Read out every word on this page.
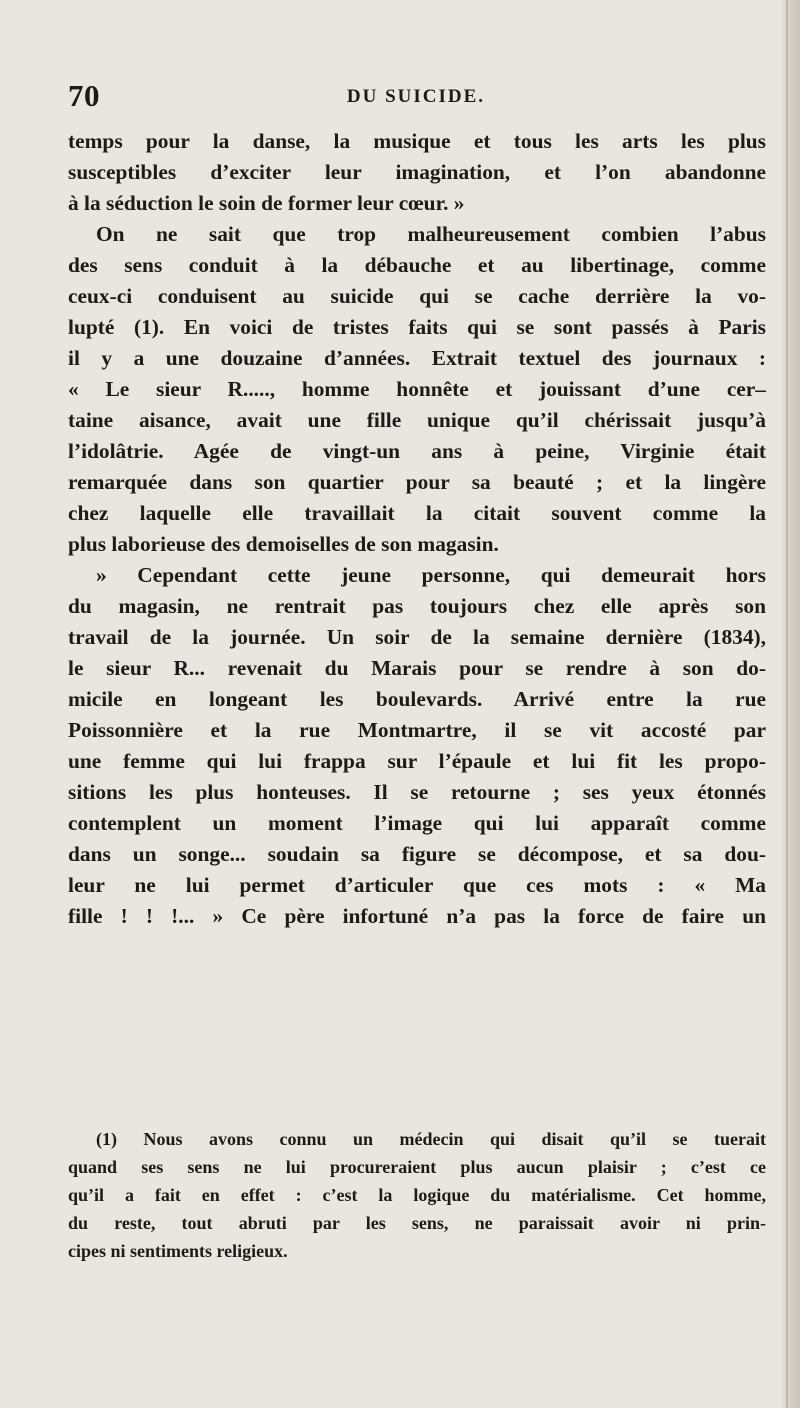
70	DU SUICIDE.
temps pour la danse, la musique et tous les arts les plus
susceptibles d’exciter leur imagination, et l’on abandonne
à la séduction le soin de former leur cœur. »
On ne sait que trop malheureusement combien l’abus
des sens conduit à la débauche et au libertinage, comme
ceux-ci conduisent au suicide qui se cache derrière la vo-
lupté (1). En voici de tristes faits qui se sont passés à Paris
il y a une douzaine d’années. Extrait textuel des journaux :
« Le sieur R....., homme honnête et jouissant d’une cer–
taine aisance, avait une fille unique qu’il chérissait jusqu’à
l’idolâtrie. Agée de vingt-un ans à peine, Virginie était
remarquée dans son quartier pour sa beauté ; et la lingère
chez laquelle elle travaillait la citait souvent comme la
plus laborieuse des demoiselles de son magasin.
» Cependant cette jeune personne, qui demeurait hors
du magasin, ne rentrait pas toujours chez elle après son
travail de la journée. Un soir de la semaine dernière (1834),
le sieur R... revenait du Marais pour se rendre à son do-
micile en longeant les boulevards. Arrivé entre la rue
Poissonnière et la rue Montmartre, il se vit accosté par
une femme qui lui frappa sur l’épaule et lui fit les propo-
sitions les plus honteuses. Il se retourne ; ses yeux étonnés
contemplent un moment l’image qui lui apparaît comme
dans un songe... soudain sa figure se décompose, et sa dou-
leur ne lui permet d’articuler que ces mots : « Ma
fille ! ! !... » Ce père infortuné n’a pas la force de faire un
(1) Nous avons connu un médecin qui disait qu’il se tuerait
quand ses sens ne lui procureraient plus aucun plaisir ; c’est ce
qu’il a fait en effet : c’est la logique du matérialisme. Cet homme,
du reste, tout abruti par les sens, ne paraissait avoir ni prin-
cipes ni sentiments religieux.
